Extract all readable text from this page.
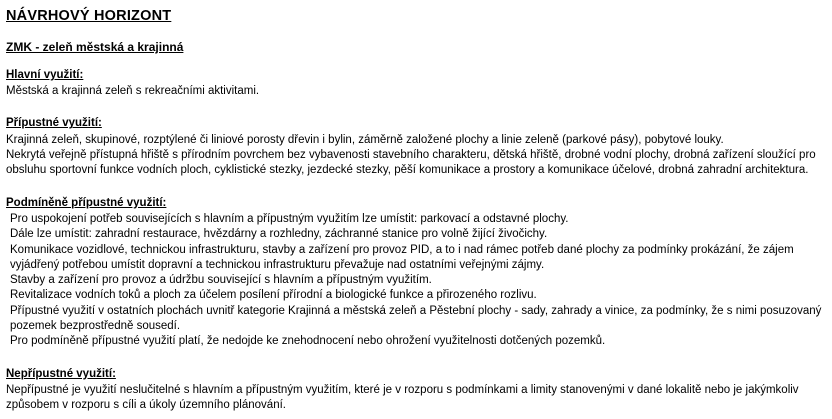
NÁVRHOVÝ HORIZONT
ZMK - zeleň městská a krajinná
Hlavní využití:

Městská a krajinná zeleň s rekreačními aktivitami.

Přípustné využití:

Krajinná zeleň, skupinové, rozptýlené či liniové porosty dřevin i bylin, záměrně založené plochy a linie zeleně (parkové pásy), pobytové louky.

Nekrytá veřejně přístupná hřiště s přírodním povrchem bez vybavenosti stavebního charakteru, dětská hřiště, drobné vodní plochy, drobná zařízení sloužící pro obsluhu sportovní funkce vodních ploch, cyklistické stezky, jezdecké stezky, pěší komunikace a prostory a komunikace účelové, drobná zahradní architektura.

Podmíněně přípustné využití:

Pro uspokojení potřeb souvisejících s hlavním a přípustným využitím lze umístit: parkovací a odstavné plochy.

Dále lze umístit: zahradní restaurace, hvězdárny a rozhledny, záchranné stanice pro volně žijící živočichy.

Komunikace vozidlové, technickou infrastrukturu, stavby a zařízení pro provoz PID, a to i nad rámec potřeb dané plochy za podmínky prokázání, že zájem vyjádřený potřebou umístit dopravní a technickou infrastrukturu převažuje nad ostatními veřejnými zájmy.

Stavby a zařízení pro provoz a údržbu související s hlavním a přípustným využitím.

Revitalizace vodních toků a ploch za účelem posílení přírodní a biologické funkce a přirozeného rozlivu.

Přípustné využití v ostatních plochách uvnitř kategorie Krajinná a městská zeleň a Pěstební plochy - sady, zahrady a vinice, za podmínky, že s nimi posuzovaný pozemek bezprostředně sousedí.

Pro podmíněně přípustné využití platí, že nedojde ke znehodnocení nebo ohrožení využitelnosti dotčených pozemků.

Nepřípustné využití:

Nepřípustné je využití neslučitelné s hlavním a přípustným využitím, které je v rozporu s podmínkami a limity stanovenými v dané lokalitě nebo je jakýmkoliv způsobem v rozporu s cíli a úkoly územního plánování.
